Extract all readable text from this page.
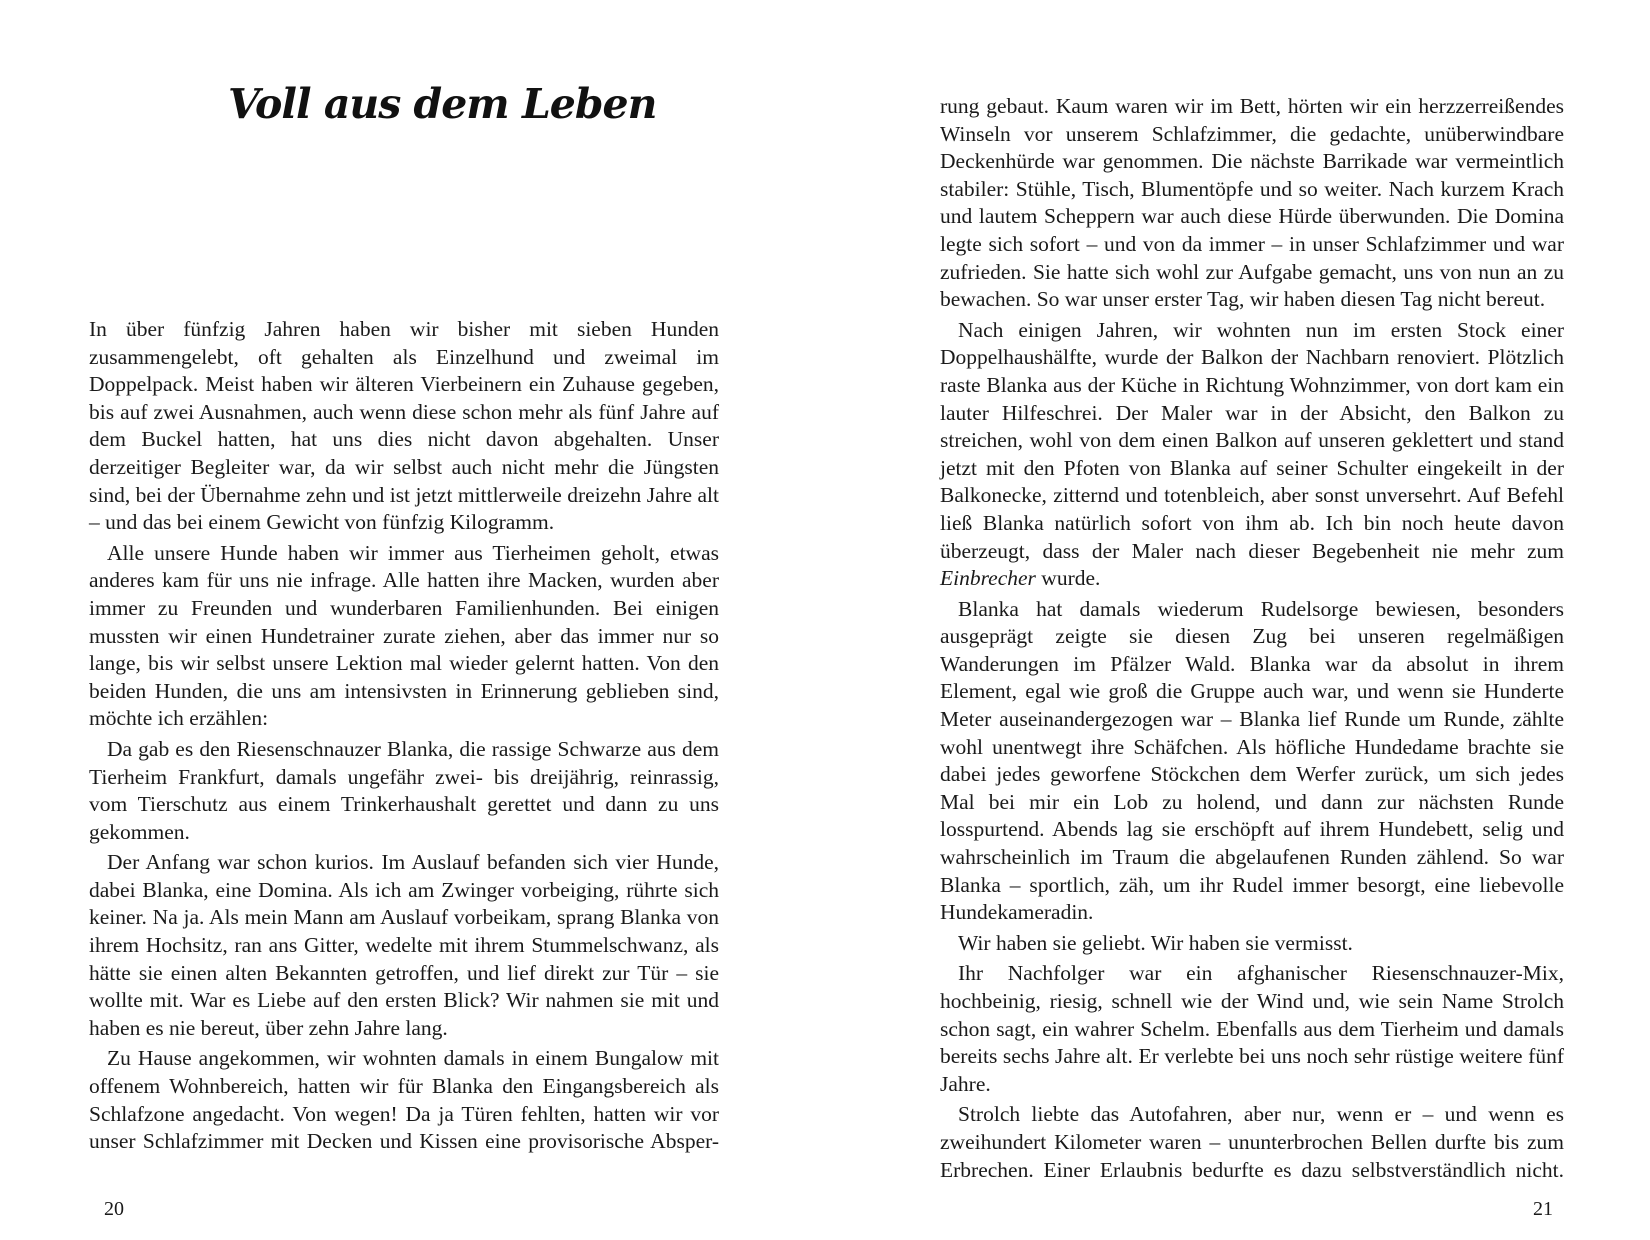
Voll aus dem Leben

In über fünfzig Jahren haben wir bisher mit sieben Hunden zusammengelebt, oft gehalten als Einzelhund und zweimal im Doppelpack. Meist haben wir älteren Vierbeinern ein Zuhause gegeben, bis auf zwei Ausnahmen, auch wenn diese schon mehr als fünf Jahre auf dem Buckel hatten, hat uns dies nicht davon abgehalten. Unser derzeitiger Begleiter war, da wir selbst auch nicht mehr die Jüngsten sind, bei der Übernahme zehn und ist jetzt mittlerweile dreizehn Jahre alt – und das bei einem Gewicht von fünfzig Kilogramm.

Alle unsere Hunde haben wir immer aus Tierheimen geholt, etwas anderes kam für uns nie infrage. Alle hatten ihre Macken, wurden aber immer zu Freunden und wunderbaren Familienhunden. Bei einigen mussten wir einen Hundetrainer zurate ziehen, aber das immer nur so lange, bis wir selbst unsere Lektion mal wieder gelernt hatten. Von den beiden Hunden, die uns am intensivsten in Erinnerung geblieben sind, möchte ich erzählen:

Da gab es den Riesenschnauzer Blanka, die rassige Schwarze aus dem Tierheim Frankfurt, damals ungefähr zwei- bis dreijährig, reinrassig, vom Tierschutz aus einem Trinkerhaushalt gerettet und dann zu uns gekommen.

Der Anfang war schon kurios. Im Auslauf befanden sich vier Hunde, dabei Blanka, eine Domina. Als ich am Zwinger vorbeiging, rührte sich keiner. Na ja. Als mein Mann am Auslauf vorbeikam, sprang Blanka von ihrem Hochsitz, ran ans Gitter, wedelte mit ihrem Stummelschwanz, als hätte sie einen alten Bekannten getroffen, und lief direkt zur Tür – sie wollte mit. War es Liebe auf den ersten Blick? Wir nahmen sie mit und haben es nie bereut, über zehn Jahre lang.

Zu Hause angekommen, wir wohnten damals in einem Bungalow mit offenem Wohnbereich, hatten wir für Blanka den Eingangsbereich als Schlafzone angedacht. Von wegen! Da ja Türen fehlten, hatten wir vor unser Schlafzimmer mit Decken und Kissen eine provisorische Absper-

20

rung gebaut. Kaum waren wir im Bett, hörten wir ein herzzerreißendes Winseln vor unserem Schlafzimmer, die gedachte, unüberwindbare Deckenhürde war genommen. Die nächste Barrikade war vermeintlich stabiler: Stühle, Tisch, Blumentöpfe und so weiter. Nach kurzem Krach und lautem Scheppern war auch diese Hürde überwunden. Die Domina legte sich sofort – und von da immer – in unser Schlafzimmer und war zufrieden. Sie hatte sich wohl zur Aufgabe gemacht, uns von nun an zu bewachen. So war unser erster Tag, wir haben diesen Tag nicht bereut.

Nach einigen Jahren, wir wohnten nun im ersten Stock einer Doppelhaushälfte, wurde der Balkon der Nachbarn renoviert. Plötzlich raste Blanka aus der Küche in Richtung Wohnzimmer, von dort kam ein lauter Hilfeschrei. Der Maler war in der Absicht, den Balkon zu streichen, wohl von dem einen Balkon auf unseren geklettert und stand jetzt mit den Pfoten von Blanka auf seiner Schulter eingekeilt in der Balkonecke, zitternd und totenbleich, aber sonst unversehrt. Auf Befehl ließ Blanka natürlich sofort von ihm ab. Ich bin noch heute davon überzeugt, dass der Maler nach dieser Begebenheit nie mehr zum Einbrecher wurde.

Blanka hat damals wiederum Rudelsorge bewiesen, besonders ausgeprägt zeigte sie diesen Zug bei unseren regelmäßigen Wanderungen im Pfälzer Wald. Blanka war da absolut in ihrem Element, egal wie groß die Gruppe auch war, und wenn sie Hunderte Meter auseinandergezogen war – Blanka lief Runde um Runde, zählte wohl unentwegt ihre Schäfchen. Als höfliche Hundedame brachte sie dabei jedes geworfene Stöckchen dem Werfer zurück, um sich jedes Mal bei mir ein Lob zu holend, und dann zur nächsten Runde losspurtend. Abends lag sie erschöpft auf ihrem Hundebett, selig und wahrscheinlich im Traum die abgelaufenen Runden zählend. So war Blanka – sportlich, zäh, um ihr Rudel immer besorgt, eine liebevolle Hundekameradin.

Wir haben sie geliebt. Wir haben sie vermisst.

Ihr Nachfolger war ein afghanischer Riesenschnauzer-Mix, hochbeinig, riesig, schnell wie der Wind und, wie sein Name Strolch schon sagt, ein wahrer Schelm. Ebenfalls aus dem Tierheim und damals bereits sechs Jahre alt. Er verlebte bei uns noch sehr rüstige weitere fünf Jahre.

Strolch liebte das Autofahren, aber nur, wenn er – und wenn es zweihundert Kilometer waren – ununterbrochen Bellen durfte bis zum Erbrechen. Einer Erlaubnis bedurfte es dazu selbstverständlich nicht.

21
